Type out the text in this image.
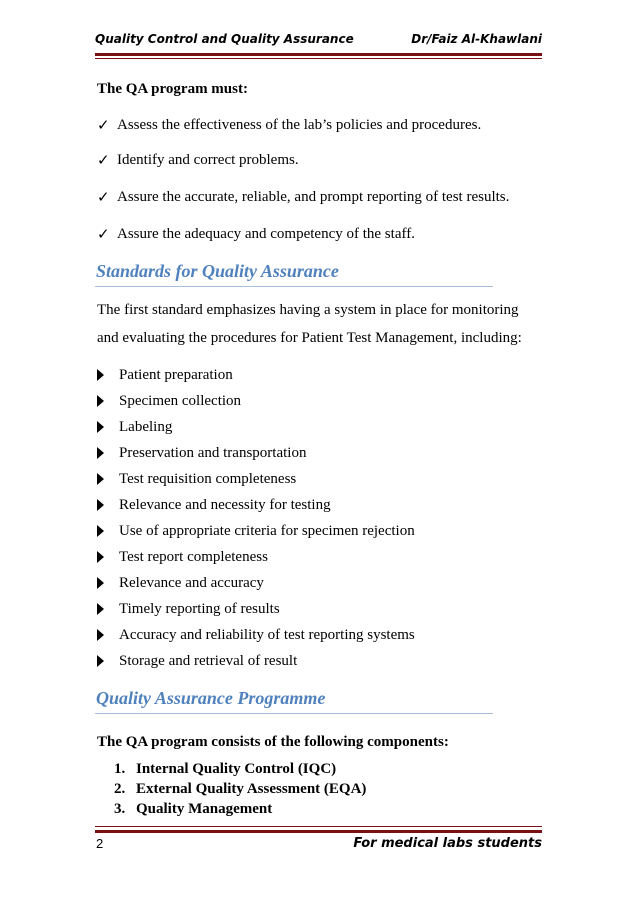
Quality Control and Quality Assurance	Dr/Faiz Al-Khawlani
The QA program must:
✓ Assess the effectiveness of the lab’s policies and procedures.
✓ Identify and correct problems.
✓ Assure the accurate, reliable, and prompt reporting of test results.
✓ Assure the adequacy and competency of the staff.
Standards for Quality Assurance
The first standard emphasizes having a system in place for monitoring
and evaluating the procedures for Patient Test Management, including:
Patient preparation
Specimen collection
Labeling
Preservation and transportation
Test requisition completeness
Relevance and necessity for testing
Use of appropriate criteria for specimen rejection
Test report completeness
Relevance and accuracy
Timely reporting of results
Accuracy and reliability of test reporting systems
Storage and retrieval of result
Quality Assurance Programme
The QA program consists of the following components:
1. Internal Quality Control (IQC)
2. External Quality Assessment (EQA)
3. Quality Management
2	For medical labs students
